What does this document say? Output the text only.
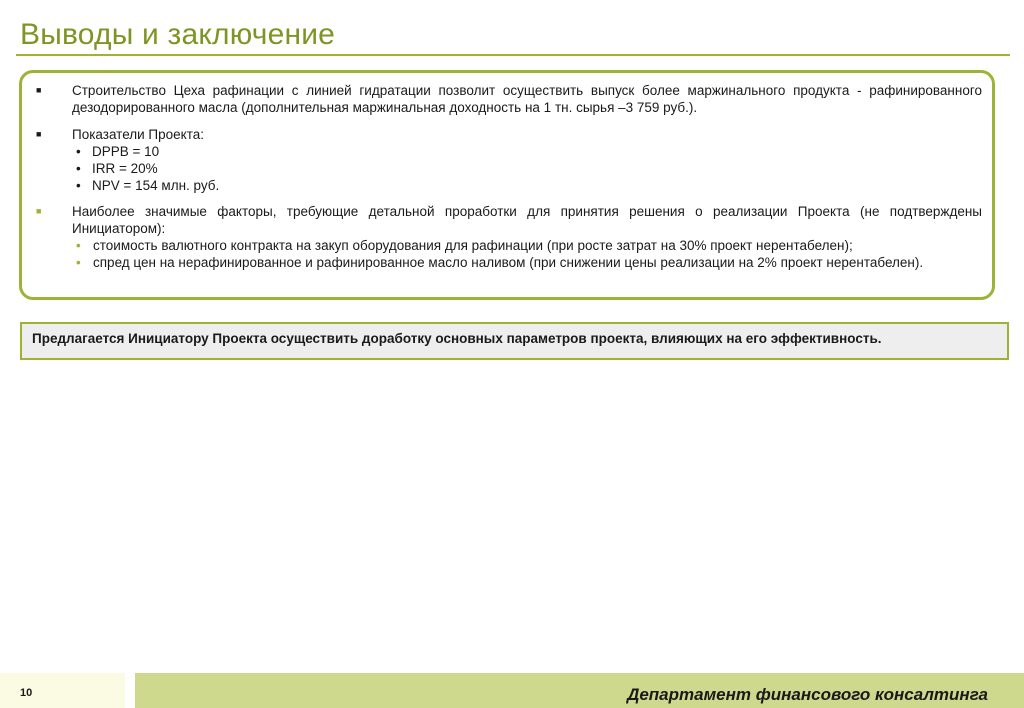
Выводы и заключение
■ Строительство Цеха рафинации с линией гидратации позволит осуществить выпуск более маржинального продукта - рафинированного дезодорированного масла (дополнительная маржинальная доходность на 1 тн. сырья –3 759 руб.).
■ Показатели Проекта:
• DPPB = 10
• IRR = 20%
• NPV = 154 млн. руб.
■ Наиболее значимые факторы, требующие детальной проработки для принятия решения о реализации Проекта (не подтверждены Инициатором):
• стоимость валютного контракта на закуп оборудования для рафинации (при росте затрат на 30% проект нерентабелен);
• спред цен на нерафинированное и рафинированное масло наливом (при снижении цены реализации на 2% проект нерентабелен).
Предлагается Инициатору Проекта осуществить доработку основных параметров проекта, влияющих на его эффективность.
10	Департамент финансового консалтинга
